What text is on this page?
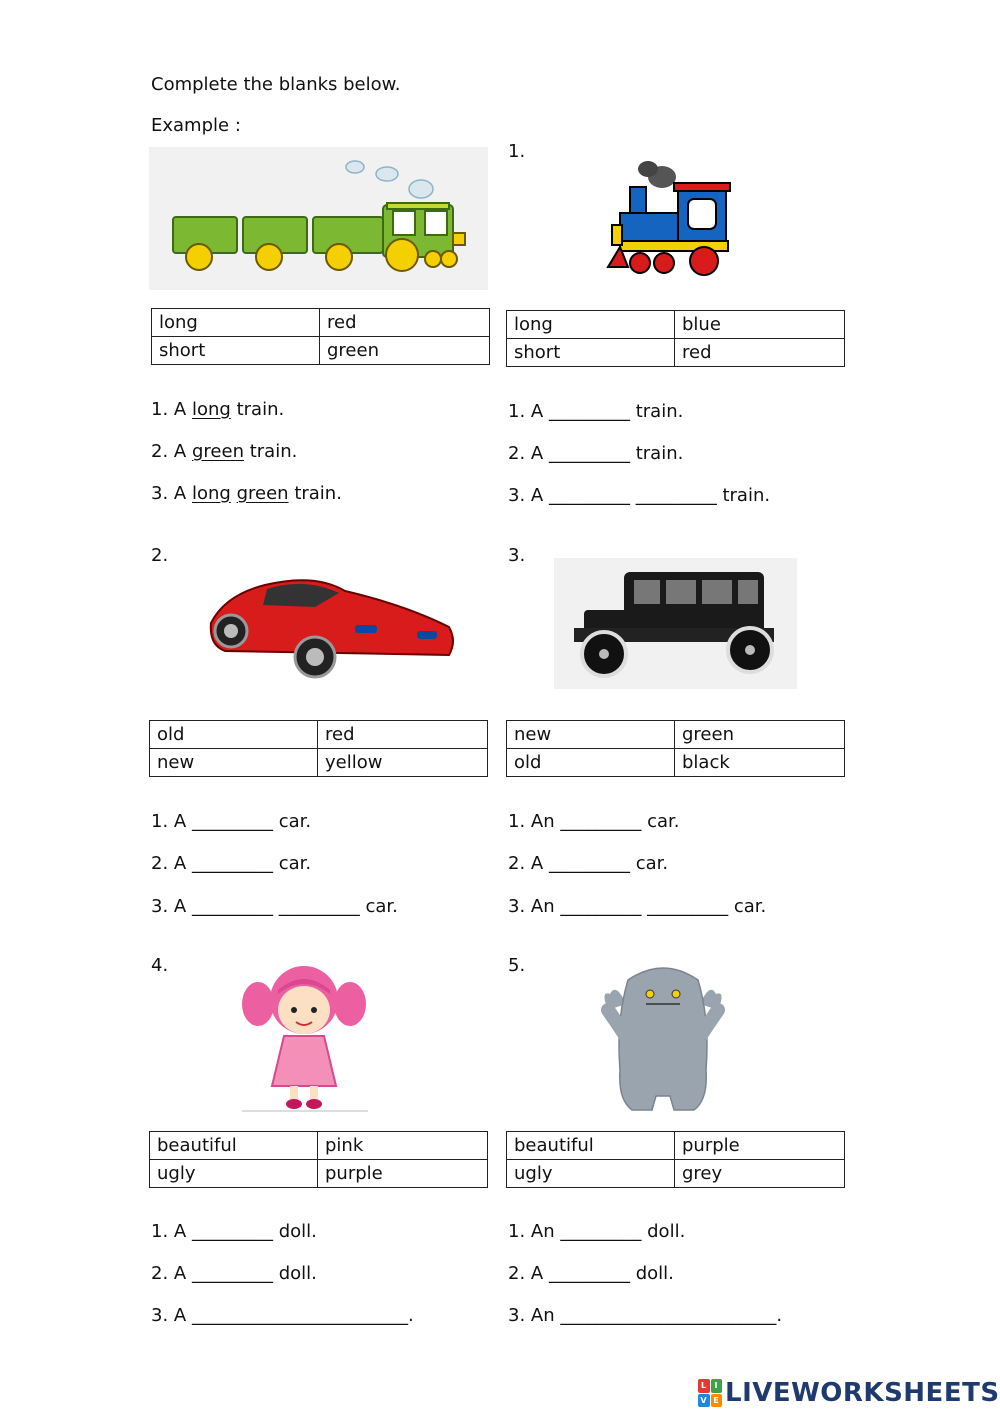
Complete the blanks below.
Example :
long	red
short	green
1. A long train.
2. A green train.
3. A long green train.
1.
long	blue
short	red
1. A _________ train.
2. A _________ train.
3. A _________ _________ train.
2.
old	red
new	yellow
1. A _________ car.
2. A _________ car.
3. A _________ _________ car.
3.
new	green
old	black
1. An _________ car.
2. A _________ car.
3. An _________ _________ car.
4.
beautiful	pink
ugly	purple
1. A _________ doll.
2. A _________ doll.
3. A ________________________.
5.
beautiful	purple
ugly	grey
1. An _________ doll.
2. A _________ doll.
3. An ________________________.
L I
V E LIVEWORKSHEETS
